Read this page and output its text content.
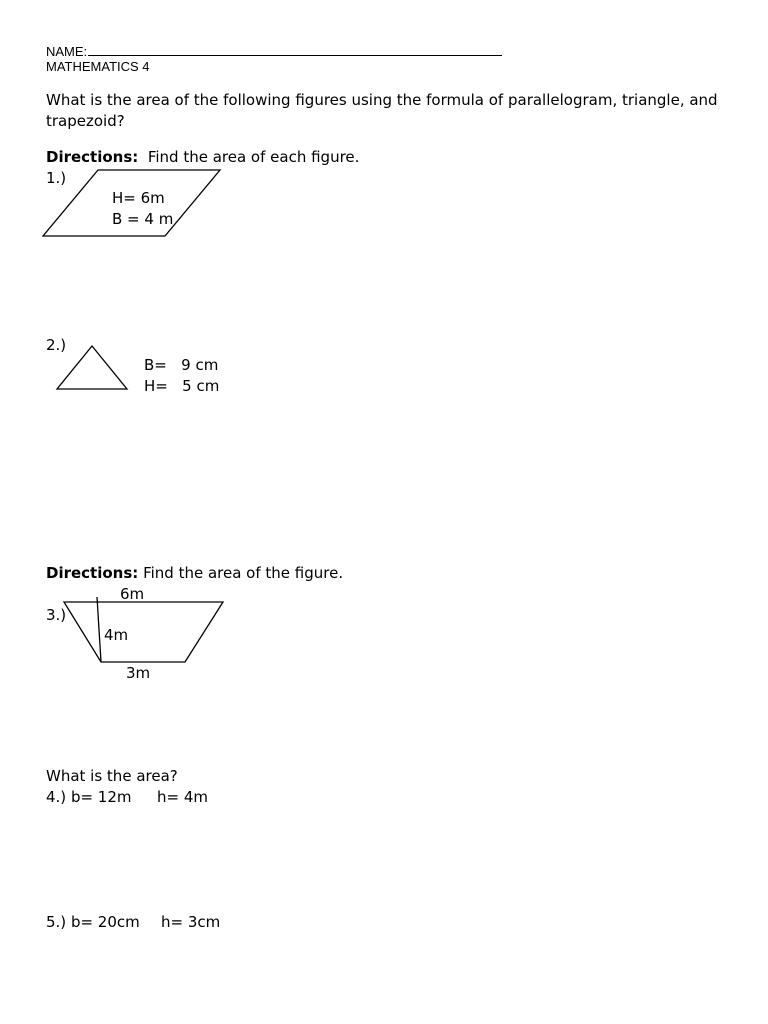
NAME:
MATHEMATICS 4
What is the area of the following figures using the formula of parallelogram, triangle, and trapezoid?
Directions: Find the area of each figure.
1.)
H= 6m
B = 4 m
2.)
B=   9 cm
H=   5 cm
Directions: Find the area of the figure.
6m
3.)
4m
3m
What is the area?
4.) b= 12m h= 4m
5.) b= 20cm h= 3cm
